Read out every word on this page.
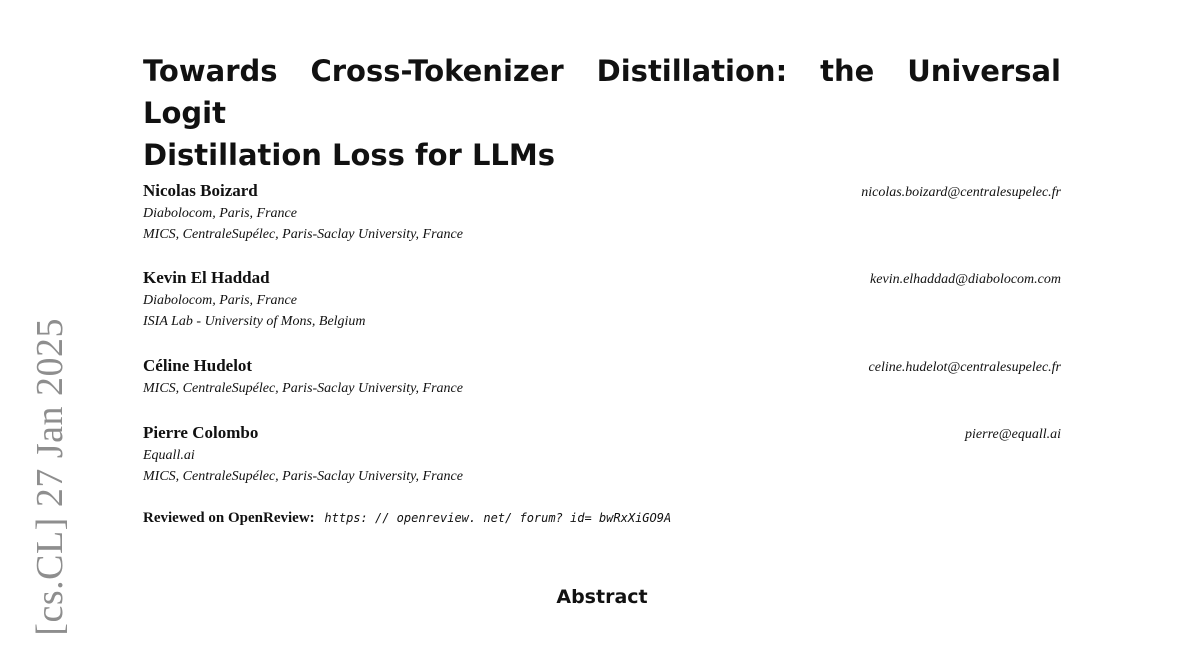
[cs.CL] 27 Jan 2025
Towards Cross-Tokenizer Distillation: the Universal Logit
Distillation Loss for LLMs
Nicolas Boizard	nicolas.boizard@centralesupelec.fr
Diabolocom, Paris, France
MICS, CentraleSupélec, Paris-Saclay University, France
Kevin El Haddad	kevin.elhaddad@diabolocom.com
Diabolocom, Paris, France
ISIA Lab - University of Mons, Belgium
Céline Hudelot	celine.hudelot@centralesupelec.fr
MICS, CentraleSupélec, Paris-Saclay University, France
Pierre Colombo	pierre@equall.ai
Equall.ai
MICS, CentraleSupélec, Paris-Saclay University, France
Reviewed on OpenReview: https: // openreview. net/ forum? id= bwRxXiGO9A
Abstract
